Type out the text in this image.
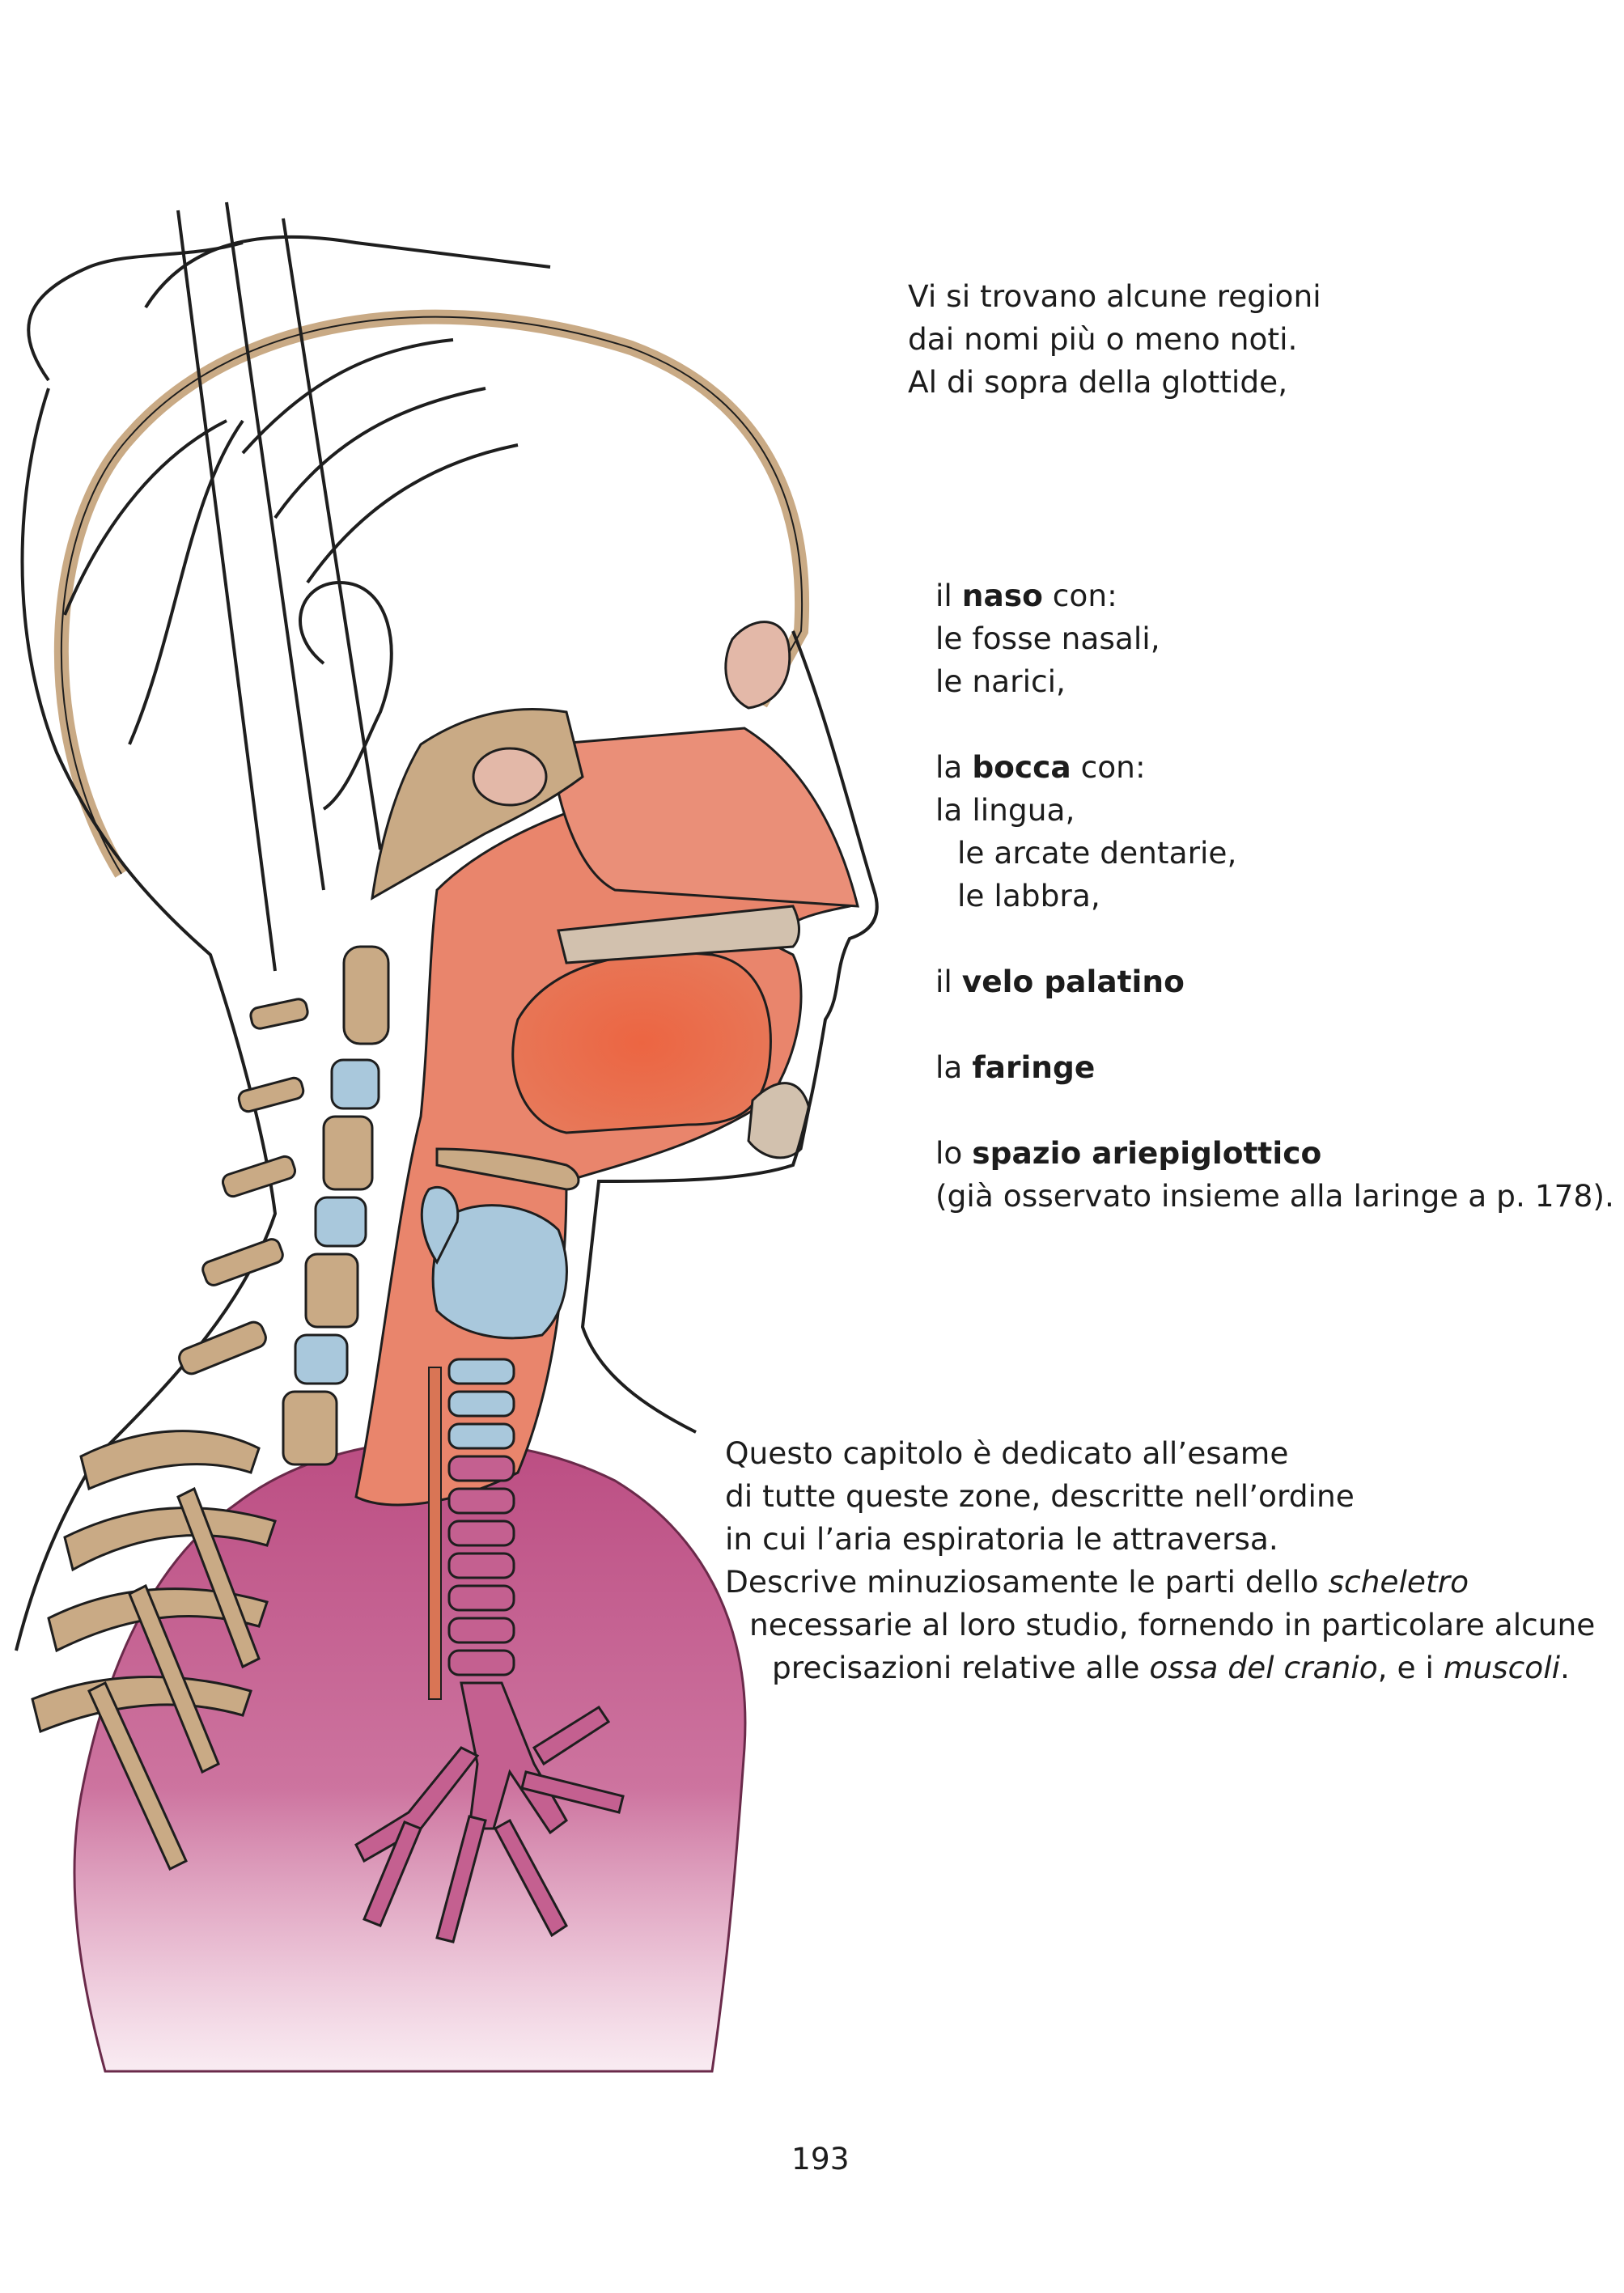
Vi si trovano alcune regioni
dai nomi più o meno noti.
Al di sopra della glottide,
il naso con:
le fosse nasali,
le narici,
la bocca con:
la lingua,
le arcate dentarie,
le labbra,
il velo palatino
la faringe
lo spazio ariepiglottico
(già osservato insieme alla laringe a p. 178).
Questo capitolo è dedicato all’esame
di tutte queste zone, descritte nell’ordine
in cui l’aria espiratoria le attraversa.
Descrive minuziosamente le parti dello scheletro
necessarie al loro studio, fornendo in particolare alcune
precisazioni relative alle ossa del cranio, e i muscoli.
193
